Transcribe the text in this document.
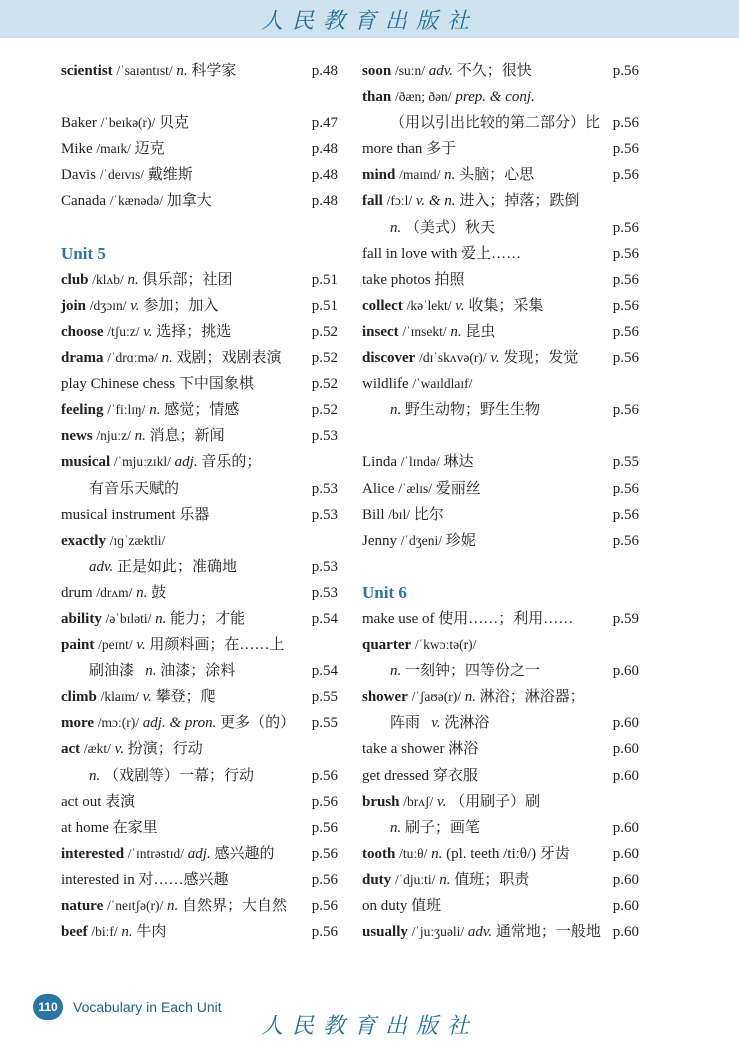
人民教育出版社
scientist /ˈsaɪəntɪst/ n. 科学家	p.48
Baker /ˈbeɪkə(r)/ 贝克	p.47
Mike /maɪk/ 迈克	p.48
Davis /ˈdeɪvɪs/ 戴维斯	p.48
Canada /ˈkænədə/ 加拿大	p.48
Unit 5
club /klʌb/ n. 俱乐部；社团	p.51
join /dʒɔɪn/ v. 参加；加入	p.51
choose /tʃuːz/ v. 选择；挑选	p.52
drama /ˈdrɑːmə/ n. 戏剧；戏剧表演 p.52
play Chinese chess 下中国象棋	p.52
feeling /ˈfiːlɪŋ/ n. 感觉；情感	p.52
news /njuːz/ n. 消息；新闻	p.53
musical /ˈmjuːzɪkl/ adj. 音乐的；
有音乐天赋的	p.53
musical instrument 乐器	p.53
exactly /ɪɡˈzæktli/
adv. 正是如此；准确地	p.53
drum /drʌm/ n. 鼓	p.53
ability /əˈbɪləti/ n. 能力；才能	p.54
paint /peɪnt/ v. 用颜料画；在……上
刷油漆 n. 油漆；涂料	p.54
climb /klaɪm/ v. 攀登；爬	p.55
more /mɔː(r)/ adj. & pron. 更多（的） p.55
act /ækt/ v. 扮演；行动
n. （戏剧等）一幕；行动	p.56
act out 表演	p.56
at home 在家里	p.56
interested /ˈɪntrəstɪd/ adj. 感兴趣的 p.56
interested in 对……感兴趣	p.56
nature /ˈneɪtʃə(r)/ n. 自然界；大自然 p.56
beef /biːf/ n. 牛肉	p.56
soon /suːn/ adv. 不久；很快	p.56
than /ðæn; ðən/ prep. & conj.
（用以引出比较的第二部分）比 p.56
more than 多于	p.56
mind /maɪnd/ n. 头脑；心思	p.56
fall /fɔːl/ v. & n. 进入；掉落；跌倒
n. （美式）秋天	p.56
fall in love with 爱上……	p.56
take photos 拍照	p.56
collect /kəˈlekt/ v. 收集；采集	p.56
insect /ˈɪnsekt/ n. 昆虫	p.56
discover /dɪˈskʌvə(r)/ v. 发现；发觉 p.56
wildlife /ˈwaɪldlaɪf/
n. 野生动物；野生生物	p.56
Linda /ˈlɪndə/ 琳达	p.55
Alice /ˈælɪs/ 爱丽丝	p.56
Bill /bɪl/ 比尔	p.56
Jenny /ˈdʒeni/ 珍妮	p.56
Unit 6
make use of 使用……；利用……	p.59
quarter /ˈkwɔːtə(r)/
n. 一刻钟；四等份之一	p.60
shower /ˈʃaʊə(r)/ n. 淋浴；淋浴器；
阵雨 v. 洗淋浴	p.60
take a shower 淋浴	p.60
get dressed 穿衣服	p.60
brush /brʌʃ/ v. （用刷子）刷
n. 刷子；画笔	p.60
tooth /tuːθ/ n. (pl. teeth /tiːθ/) 牙齿	p.60
duty /ˈdjuːti/ n. 值班；职责	p.60
on duty 值班	p.60
usually /ˈjuːʒuəli/ adv. 通常地；一般地 p.60
110	Vocabulary in Each Unit
人民教育出版社
